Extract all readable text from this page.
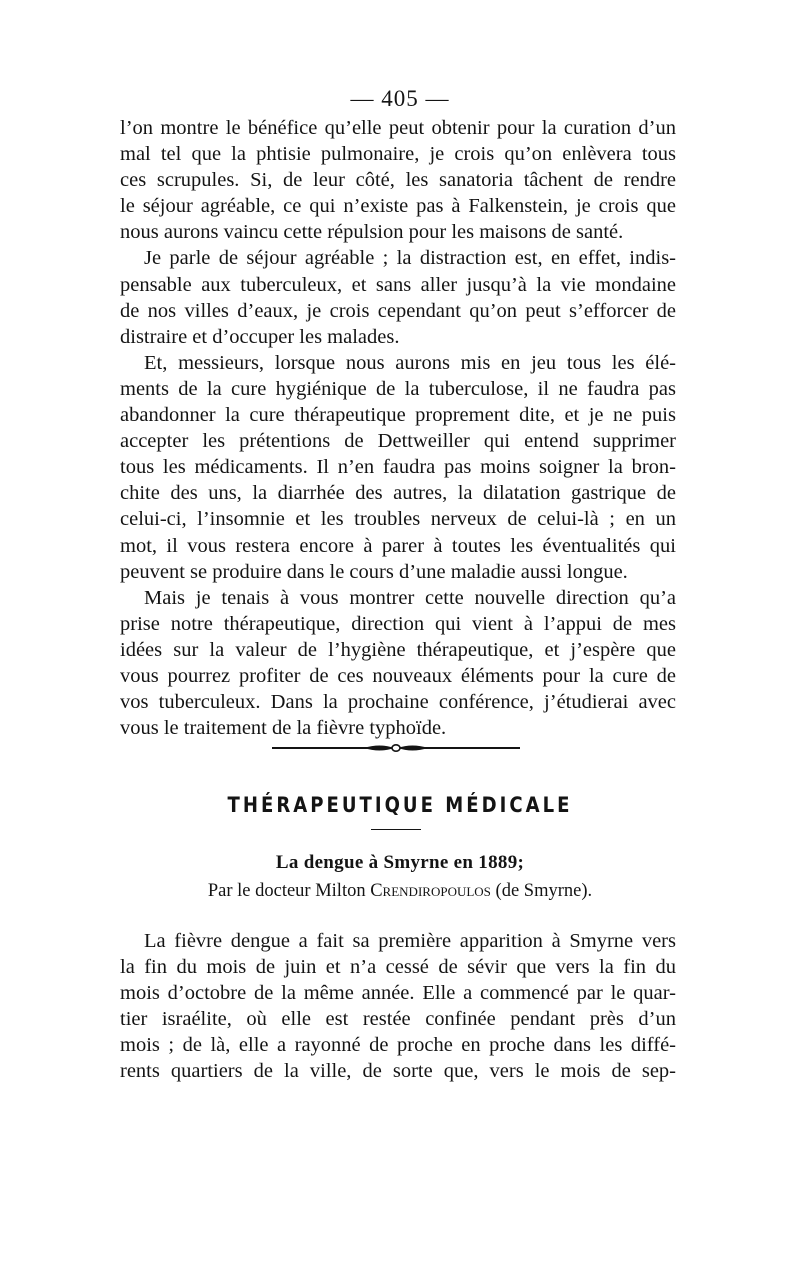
— 405 —
l’on montre le bénéfice qu’elle peut obtenir pour la curation d’un
mal tel que la phtisie pulmonaire, je crois qu’on enlèvera tous
ces scrupules. Si, de leur côté, les sanatoria tâchent de rendre
le séjour agréable, ce qui n’existe pas à Falkenstein, je crois que
nous aurons vaincu cette répulsion pour les maisons de santé.
Je parle de séjour agréable ; la distraction est, en effet, indis-
pensable aux tuberculeux, et sans aller jusqu’à la vie mondaine
de nos villes d’eaux, je crois cependant qu’on peut s’efforcer de
distraire et d’occuper les malades.
Et, messieurs, lorsque nous aurons mis en jeu tous les élé-
ments de la cure hygiénique de la tuberculose, il ne faudra pas
abandonner la cure thérapeutique proprement dite, et je ne puis
accepter les prétentions de Dettweiller qui entend supprimer
tous les médicaments. Il n’en faudra pas moins soigner la bron-
chite des uns, la diarrhée des autres, la dilatation gastrique de
celui-ci, l’insomnie et les troubles nerveux de celui-là ; en un
mot, il vous restera encore à parer à toutes les éventualités qui
peuvent se produire dans le cours d’une maladie aussi longue.
Mais je tenais à vous montrer cette nouvelle direction qu’a
prise notre thérapeutique, direction qui vient à l’appui de mes
idées sur la valeur de l’hygiène thérapeutique, et j’espère que
vous pourrez profiter de ces nouveaux éléments pour la cure de
vos tuberculeux. Dans la prochaine conférence, j’étudierai avec
vous le traitement de la fièvre typhoïde.
THÉRAPEUTIQUE MÉDICALE
La dengue à Smyrne en 1889;
Par le docteur Milton Crendiropoulos (de Smyrne).
La fièvre dengue a fait sa première apparition à Smyrne vers
la fin du mois de juin et n’a cessé de sévir que vers la fin du
mois d’octobre de la même année. Elle a commencé par le quar-
tier israélite, où elle est restée confinée pendant près d’un
mois ; de là, elle a rayonné de proche en proche dans les diffé-
rents quartiers de la ville, de sorte que, vers le mois de sep-
